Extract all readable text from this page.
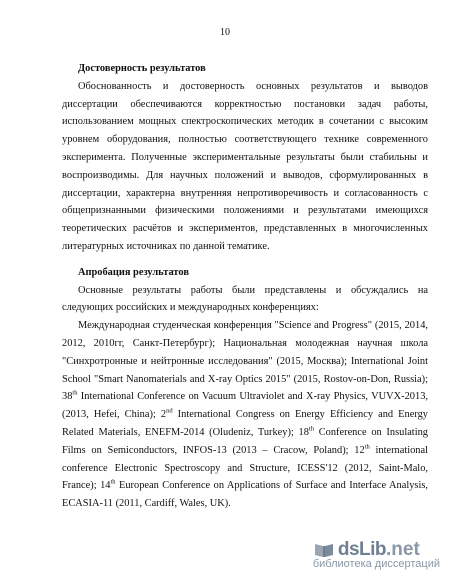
10

Достоверность результатов

Обоснованность и достоверность основных результатов и выводов диссертации обеспечиваются корректностью постановки задач работы, использованием мощных спектроскопических методик в сочетании с высоким уровнем оборудования, полностью соответствующего технике современного эксперимента. Полученные экспериментальные результаты были стабильны и воспроизводимы. Для научных положений и выводов, сформулированных в диссертации, характерна внутренняя непротиворечивость и согласованность с общепризнанными физическими положениями и результатами имеющихся теоретических расчётов и экспериментов, представленных в многочисленных литературных источниках по данной тематике.

Апробация результатов

Основные результаты работы были представлены и обсуждались на следующих российских и международных конференциях:

Международная студенческая конференция "Science and Progress" (2015, 2014, 2012, 2010гг, Санкт-Петербург); Национальная молодежная научная школа "Синхротронные и нейтронные исследования" (2015, Москва); International Joint School "Smart Nanomaterials and X-ray Optics 2015" (2015, Rostov-on-Don, Russia); 38th International Conference on Vacuum Ultraviolet and X-ray Physics, VUVX-2013, (2013, Hefei, China); 2nd International Congress on Energy Efficiency and Energy Related Materials, ENEFM-2014 (Oludeniz, Turkey); 18th Conference on Insulating Films on Semiconductors, INFOS-13 (2013 – Cracow, Poland); 12th international conference Electronic Spectroscopy and Structure, ICESS'12 (2012, Saint-Malo, France); 14th European Conference on Applications of Surface and Interface Analysis, ECASIA-11 (2011, Cardiff, Wales, UK).

dsLib .net
библиотека диссертаций
